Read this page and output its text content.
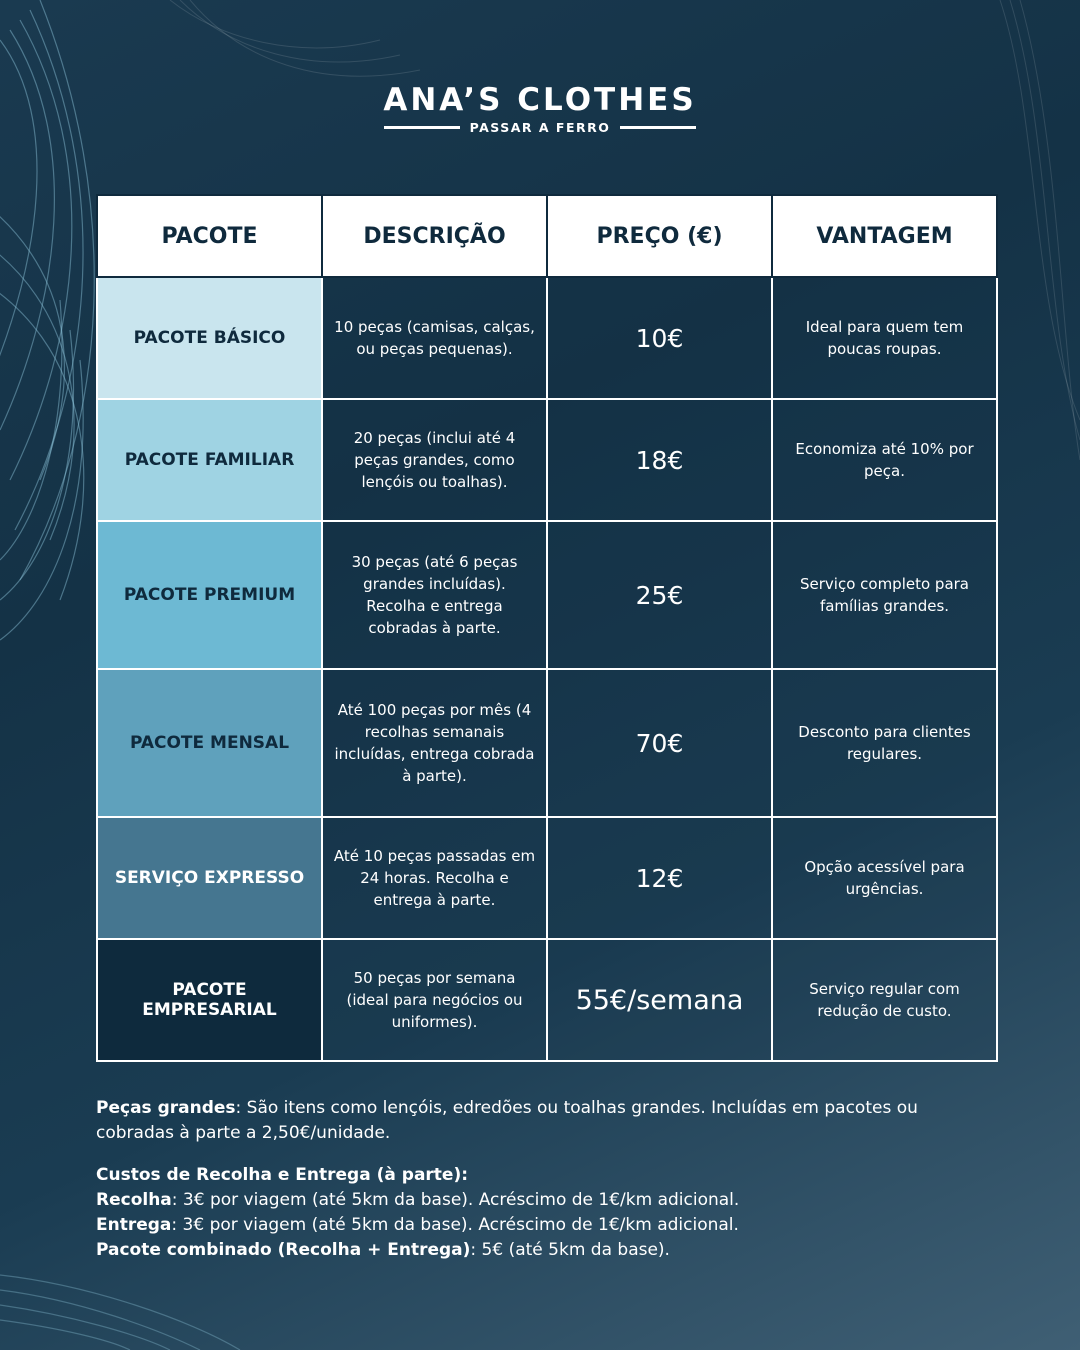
ANA’S CLOTHES
PASSAR A FERRO
PACOTE	DESCRIÇÃO	PREÇO (€)	VANTAGEM
PACOTE BÁSICO	10 peças (camisas, calças, ou peças pequenas).	10€	Ideal para quem tem poucas roupas.
PACOTE FAMILIAR	20 peças (inclui até 4 peças grandes, como lençóis ou toalhas).	18€	Economiza até 10% por peça.
PACOTE PREMIUM	30 peças (até 6 peças grandes incluídas). Recolha e entrega cobradas à parte.	25€	Serviço completo para famílias grandes.
PACOTE MENSAL	Até 100 peças por mês (4 recolhas semanais incluídas, entrega cobrada à parte).	70€	Desconto para clientes regulares.
SERVIÇO EXPRESSO	Até 10 peças passadas em 24 horas. Recolha e entrega à parte.	12€	Opção acessível para urgências.
PACOTE EMPRESARIAL	50 peças por semana (ideal para negócios ou uniformes).	55€/semana	Serviço regular com redução de custo.

Peças grandes: São itens como lençóis, edredões ou toalhas grandes. Incluídas em pacotes ou cobradas à parte a 2,50€/unidade.

Custos de Recolha e Entrega (à parte):

Recolha: 3€ por viagem (até 5km da base). Acréscimo de 1€/km adicional.

Entrega: 3€ por viagem (até 5km da base). Acréscimo de 1€/km adicional.

Pacote combinado (Recolha + Entrega): 5€ (até 5km da base).
